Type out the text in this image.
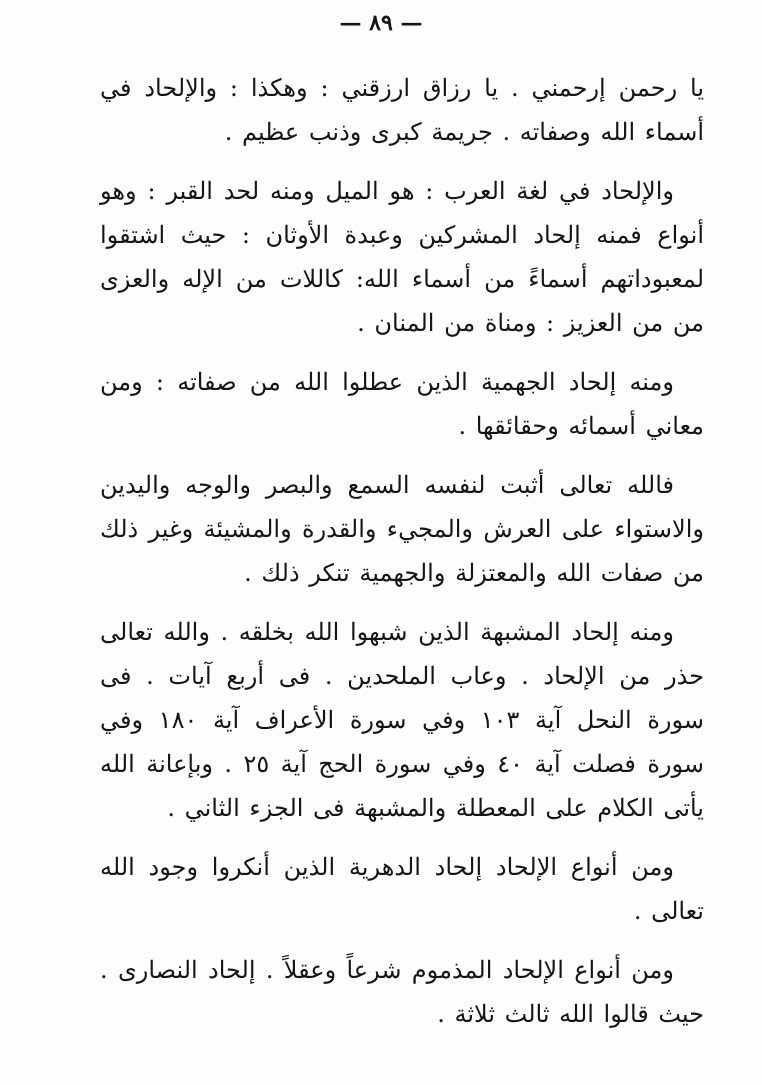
— ٨٩ —

يا رحمن إرحمني . يا رزاق ارزقني : وهكذا : والإلحاد في أسماء الله وصفاته . جريمة كبرى وذنب عظيم .

والإلحاد في لغة العرب : هو الميل ومنه لحد القبر : وهو أنواع فمنه إلحاد المشركين وعبدة الأوثان : حيث اشتقوا لمعبوداتهم أسماءً من أسماء الله: كاللات من الإله والعزى من من العزيز : ومناة من المنان .

ومنه إلحاد الجهمية الذين عطلوا الله من صفاته : ومن معاني أسمائه وحقائقها .

فالله تعالى أثبت لنفسه السمع والبصر والوجه واليدين والاستواء على العرش والمجيء والقدرة والمشيئة وغير ذلك من صفات الله والمعتزلة والجهمية تنكر ذلك .

ومنه إلحاد المشبهة الذين شبهوا الله بخلقه . والله تعالى حذر من الإلحاد . وعاب الملحدين . فى أربع آيات . فى سورة النحل آية ١٠٣ وفي سورة الأعراف آية ١٨٠ وفي سورة فصلت آية ٤٠ وفي سورة الحج آية ٢٥ . وبإعانة الله يأتى الكلام على المعطلة والمشبهة فى الجزء الثاني .

ومن أنواع الإلحاد إلحاد الدهرية الذين أنكروا وجود الله تعالى .

ومن أنواع الإلحاد المذموم شرعاً وعقلاً . إلحاد النصارى . حيث قالوا الله ثالث ثلاثة .
